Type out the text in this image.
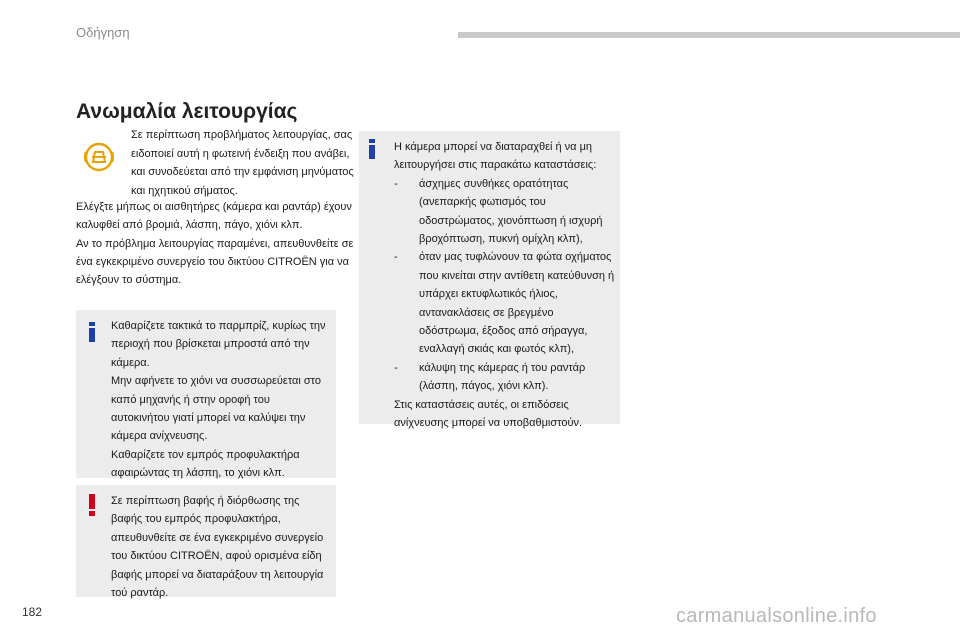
Οδήγηση
Ανωμαλία λειτουργίας
Σε περίπτωση προβλήματος λειτουργίας, σας ειδοποιεί αυτή η φωτεινή ένδειξη που ανάβει, και συνοδεύεται από την εμφάνιση μηνύματος και ηχητικού σήματος.

Ελέγξτε μήπως οι αισθητήρες (κάμερα και ραντάρ) έχουν καλυφθεί από βρομιά, λάσπη, πάγο, χιόνι κλπ.

Αν το πρόβλημα λειτουργίας παραμένει, απευθυνθείτε σε ένα εγκεκριμένο συνεργείο του δικτύου CITROËN για να ελέγξουν το σύστημα.

Καθαρίζετε τακτικά το παρμπρίζ, κυρίως την περιοχή που βρίσκεται μπροστά από την κάμερα.

Μην αφήνετε το χιόνι να συσσωρεύεται στο καπό μηχανής ή στην οροφή του αυτοκινήτου γιατί μπορεί να καλύψει την κάμερα ανίχνευσης.

Καθαρίζετε τον εμπρός προφυλακτήρα αφαιρώντας τη λάσπη, το χιόνι κλπ.

Σε περίπτωση βαφής ή διόρθωσης της βαφής του εμπρός προφυλακτήρα, απευθυνθείτε σε ένα εγκεκριμένο συνεργείο του δικτύου CITROËN, αφού ορισμένα είδη βαφής μπορεί να διαταράξουν τη λειτουργία τού ραντάρ.

Η κάμερα μπορεί να διαταραχθεί ή να μη λειτουργήσει στις παρακάτω καταστάσεις:

- άσχημες συνθήκες ορατότητας (ανεπαρκής φωτισμός του οδοστρώματος, χιονόπτωση ή ισχυρή βροχόπτωση, πυκνή ομίχλη κλπ),

- όταν μας τυφλώνουν τα φώτα οχήματος που κινείται στην αντίθετη κατεύθυνση ή υπάρχει εκτυφλωτικός ήλιος, αντανακλάσεις σε βρεγμένο οδόστρωμα, έξοδος από σήραγγα, εναλλαγή σκιάς και φωτός κλπ),

- κάλυψη της κάμερας ή του ραντάρ (λάσπη, πάγος, χιόνι κλπ).

Στις καταστάσεις αυτές, οι επιδόσεις ανίχνευσης μπορεί να υποβαθμιστούν.

182	carmanualsonline.info
